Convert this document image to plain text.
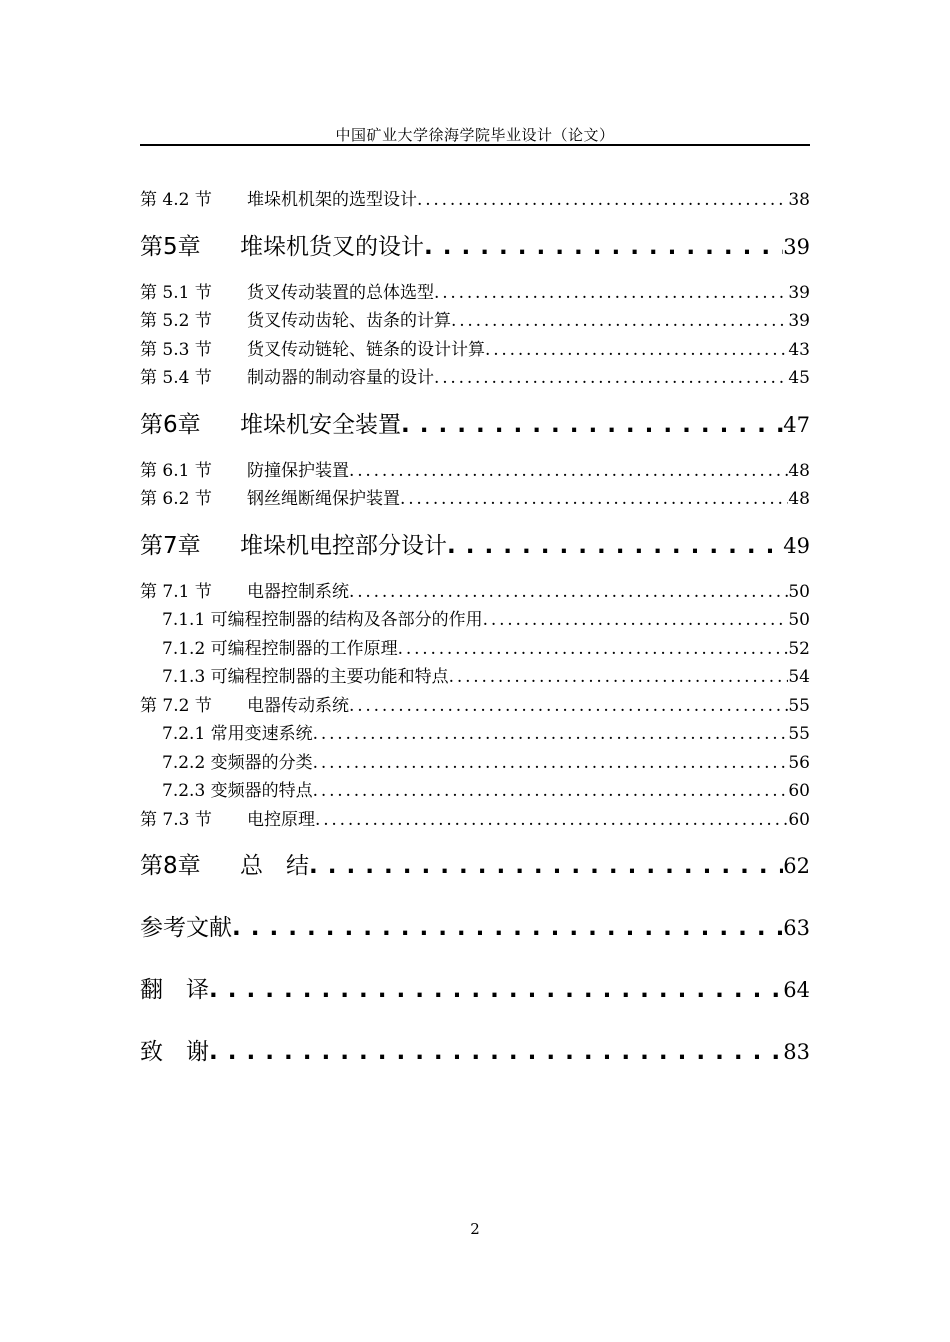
中国矿业大学徐海学院毕业设计（论文）
第 4.2 节	堆垛机机架的选型设计 . . .	38
第5章	堆垛机货叉的设计 . . .	39
第 5.1 节	货叉传动装置的总体选型 . . .	39
第 5.2 节	货叉传动齿轮、齿条的计算 . . .	39
第 5.3 节	货叉传动链轮、链条的设计计算 . . .	43
第 5.4 节	制动器的制动容量的设计 . . .	45
第6章	堆垛机安全装置 . . .	47
第 6.1 节	防撞保护装置 . . .	48
第 6.2 节	钢丝绳断绳保护装置 . . .	48
第7章	堆垛机电控部分设计 . . .	49
第 7.1 节	电器控制系统 . . .	50
7.1.1 可编程控制器的结构及各部分的作用 . . .	50
7.1.2 可编程控制器的工作原理 . . .	52
7.1.3 可编程控制器的主要功能和特点 . . .	54
第 7.2 节	电器传动系统 . . .	55
7.2.1 常用变速系统 . . .	55
7.2.2 变频器的分类 . . .	56
7.2.3 变频器的特点 . . .	60
第 7.3 节	电控原理 . . .	60
第8章	总　结 . . .	62
参考文献 . . .	63
翻　译 . . .	64
致　谢 . . .	83
2
